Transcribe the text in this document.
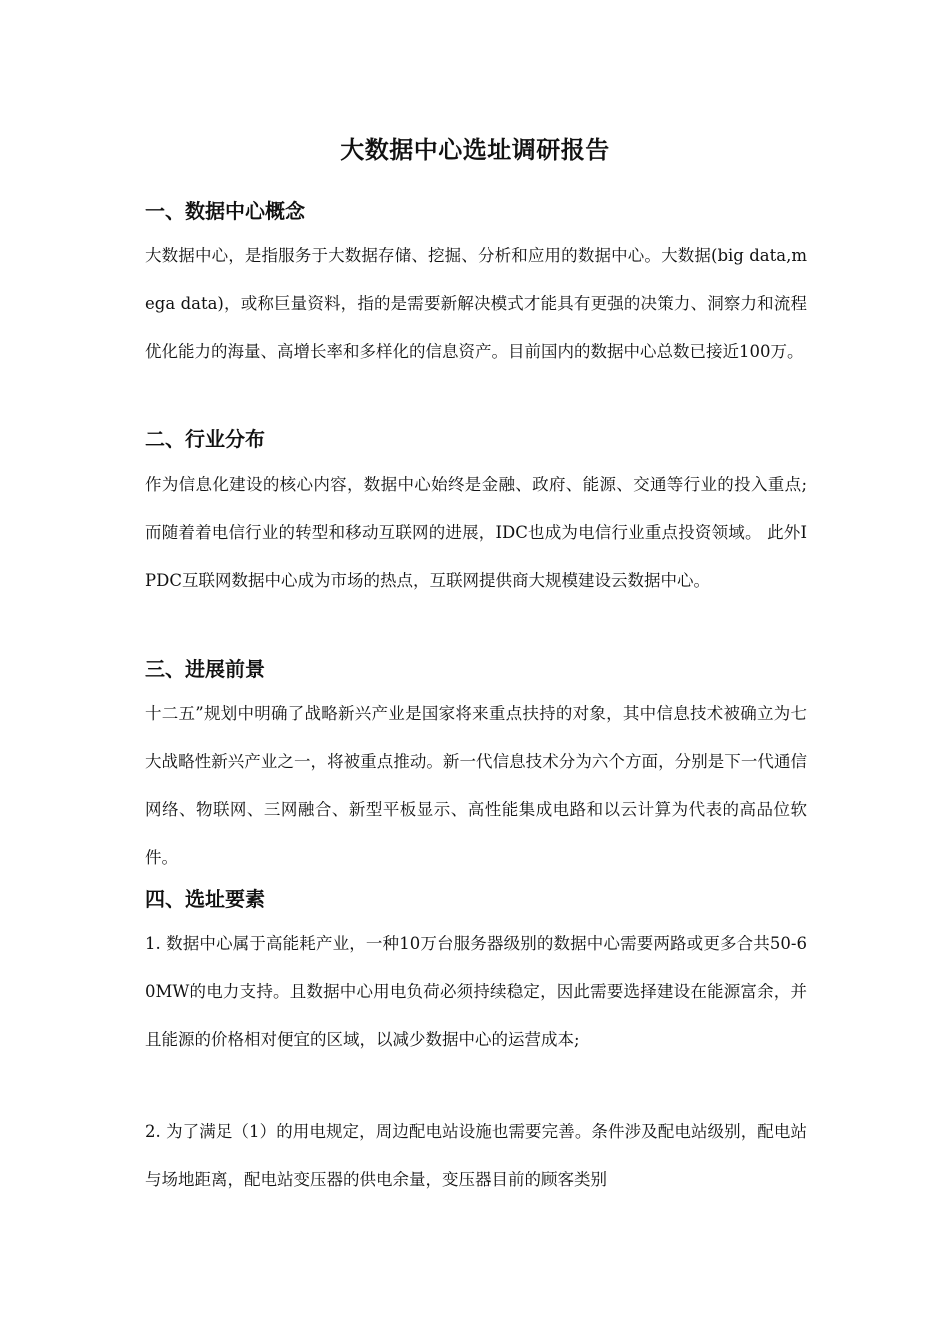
大数据中心选址调研报告
一、数据中心概念
大数据中心，是指服务于大数据存储、挖掘、分析和应用的数据中心。大数据(big data,mega data)，或称巨量资料，指的是需要新解决模式才能具有更强的决策力、洞察力和流程优化能力的海量、高增长率和多样化的信息资产。目前国内的数据中心总数已接近100万。
二、行业分布
作为信息化建设的核心内容，数据中心始终是金融、政府、能源、交通等行业的投入重点;而随着着电信行业的转型和移动互联网的进展，IDC也成为电信行业重点投资领域。 此外IPDC互联网数据中心成为市场的热点，互联网提供商大规模建设云数据中心。
三、进展前景
十二五”规划中明确了战略新兴产业是国家将来重点扶持的对象，其中信息技术被确立为七大战略性新兴产业之一，将被重点推动。新一代信息技术分为六个方面，分别是下一代通信网络、物联网、三网融合、新型平板显示、高性能集成电路和以云计算为代表的高品位软件。
四、选址要素
1. 数据中心属于高能耗产业，一种10万台服务器级别的数据中心需要两路或更多合共50-60MW的电力支持。且数据中心用电负荷必须持续稳定，因此需要选择建设在能源富余，并且能源的价格相对便宜的区域，以减少数据中心的运营成本;
2. 为了满足（1）的用电规定，周边配电站设施也需要完善。条件涉及配电站级别，配电站与场地距离，配电站变压器的供电余量，变压器目前的顾客类别
